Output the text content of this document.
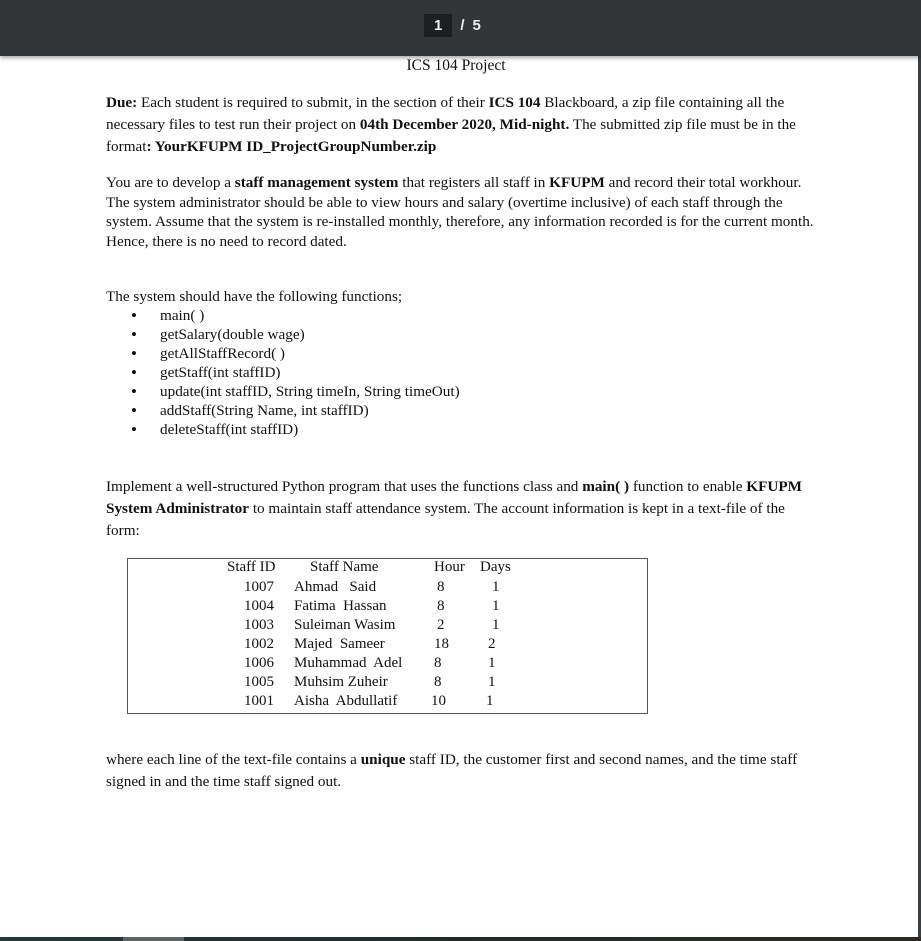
1	/ 5
ICS 104 Project
Due: Each student is required to submit, in the section of their ICS 104 Blackboard, a zip file containing all the necessary files to test run their project on 04th December 2020, Mid-night. The submitted zip file must be in the format: YourKFUPM ID_ProjectGroupNumber.zip
You are to develop a staff management system that registers all staff in KFUPM and record their total workhour. The system administrator should be able to view hours and salary (overtime inclusive) of each staff through the system. Assume that the system is re-installed monthly, therefore, any information recorded is for the current month. Hence, there is no need to record dated.
The system should have the following functions;
• main( )
• getSalary(double wage)
• getAllStaffRecord( )
• getStaff(int staffID)
• update(int staffID, String timeIn, String timeOut)
• addStaff(String Name, int staffID)
• deleteStaff(int staffID)
Implement a well-structured Python program that uses the functions class and main( ) function to enable KFUPM System Administrator to maintain staff attendance system. The account information is kept in a text-file of the form:
Staff ID Staff Name	Hour Days
1007 Ahmad   Said	8	1
1004 Fatima  Hassan	8	1
1003 Suleiman Wasim	2	1
1002 Majed  Sameer	18	2
1006 Muhammad  Adel 8	1
1005 Muhsim Zuheir	8	1
1001 Aisha  Abdullatif 10	1
where each line of the text-file contains a unique staff ID, the customer first and second names, and the time staff signed in and the time staff signed out.
